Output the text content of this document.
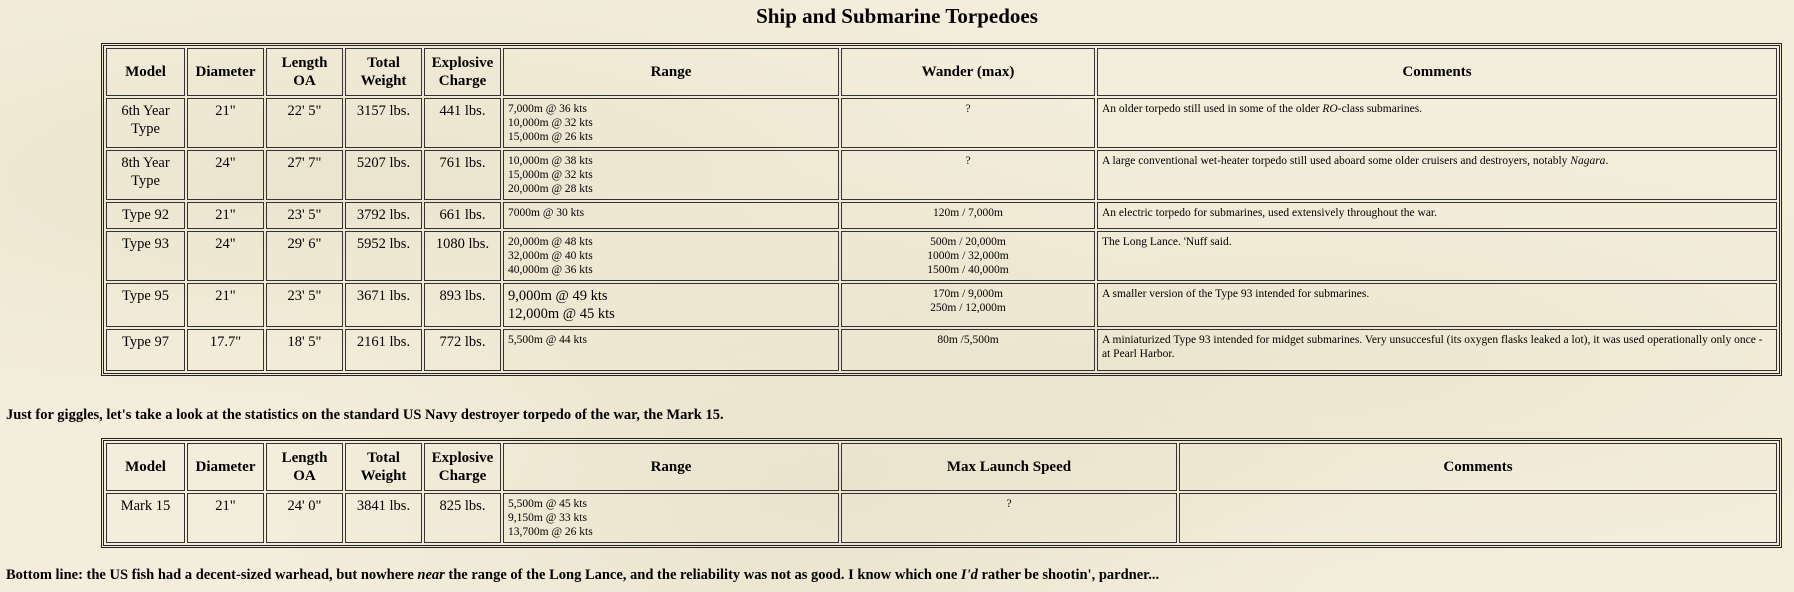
Ship and Submarine Torpedoes
Model	Diameter	Length OA	Total Weight	Explosive Charge	Range	Wander (max)	Comments
6th Year Type	21"	22' 5"	3157 lbs.	441 lbs.	7,000m @ 36 kts
10,000m @ 32 kts
15,000m @ 26 kts	?	An older torpedo still used in some of the older RO-class submarines.
8th Year Type	24"	27' 7"	5207 lbs.	761 lbs.	10,000m @ 38 kts
15,000m @ 32 kts
20,000m @ 28 kts	?	A large conventional wet-heater torpedo still used aboard some older cruisers and destroyers, notably Nagara.
Type 92	21"	23' 5"	3792 lbs.	661 lbs.	7000m @ 30 kts	120m / 7,000m	An electric torpedo for submarines, used extensively throughout the war.
Type 93	24"	29' 6"	5952 lbs.	1080 lbs.	20,000m @ 48 kts
32,000m @ 40 kts
40,000m @ 36 kts	500m / 20,000m
1000m / 32,000m
1500m / 40,000m	The Long Lance. 'Nuff said.
Type 95	21"	23' 5"	3671 lbs.	893 lbs.	9,000m @ 49 kts
12,000m @ 45 kts	170m / 9,000m
250m / 12,000m	A smaller version of the Type 93 intended for submarines.
Type 97	17.7"	18' 5"	2161 lbs.	772 lbs.	5,500m @ 44 kts	80m /5,500m	A miniaturized Type 93 intended for midget submarines. Very unsuccesful (its oxygen flasks leaked a lot), it was used operationally only once - at Pearl Harbor.

Just for giggles, let's take a look at the statistics on the standard US Navy destroyer torpedo of the war, the Mark 15.

Model	Diameter	Length OA	Total Weight	Explosive Charge	Range	Max Launch Speed	Comments
Mark 15	21"	24' 0"	3841 lbs.	825 lbs.	5,500m @ 45 kts
9,150m @ 33 kts
13,700m @ 26 kts	?	

Bottom line: the US fish had a decent-sized warhead, but nowhere near the range of the Long Lance, and the reliability was not as good. I know which one I'd rather be shootin', pardner...
